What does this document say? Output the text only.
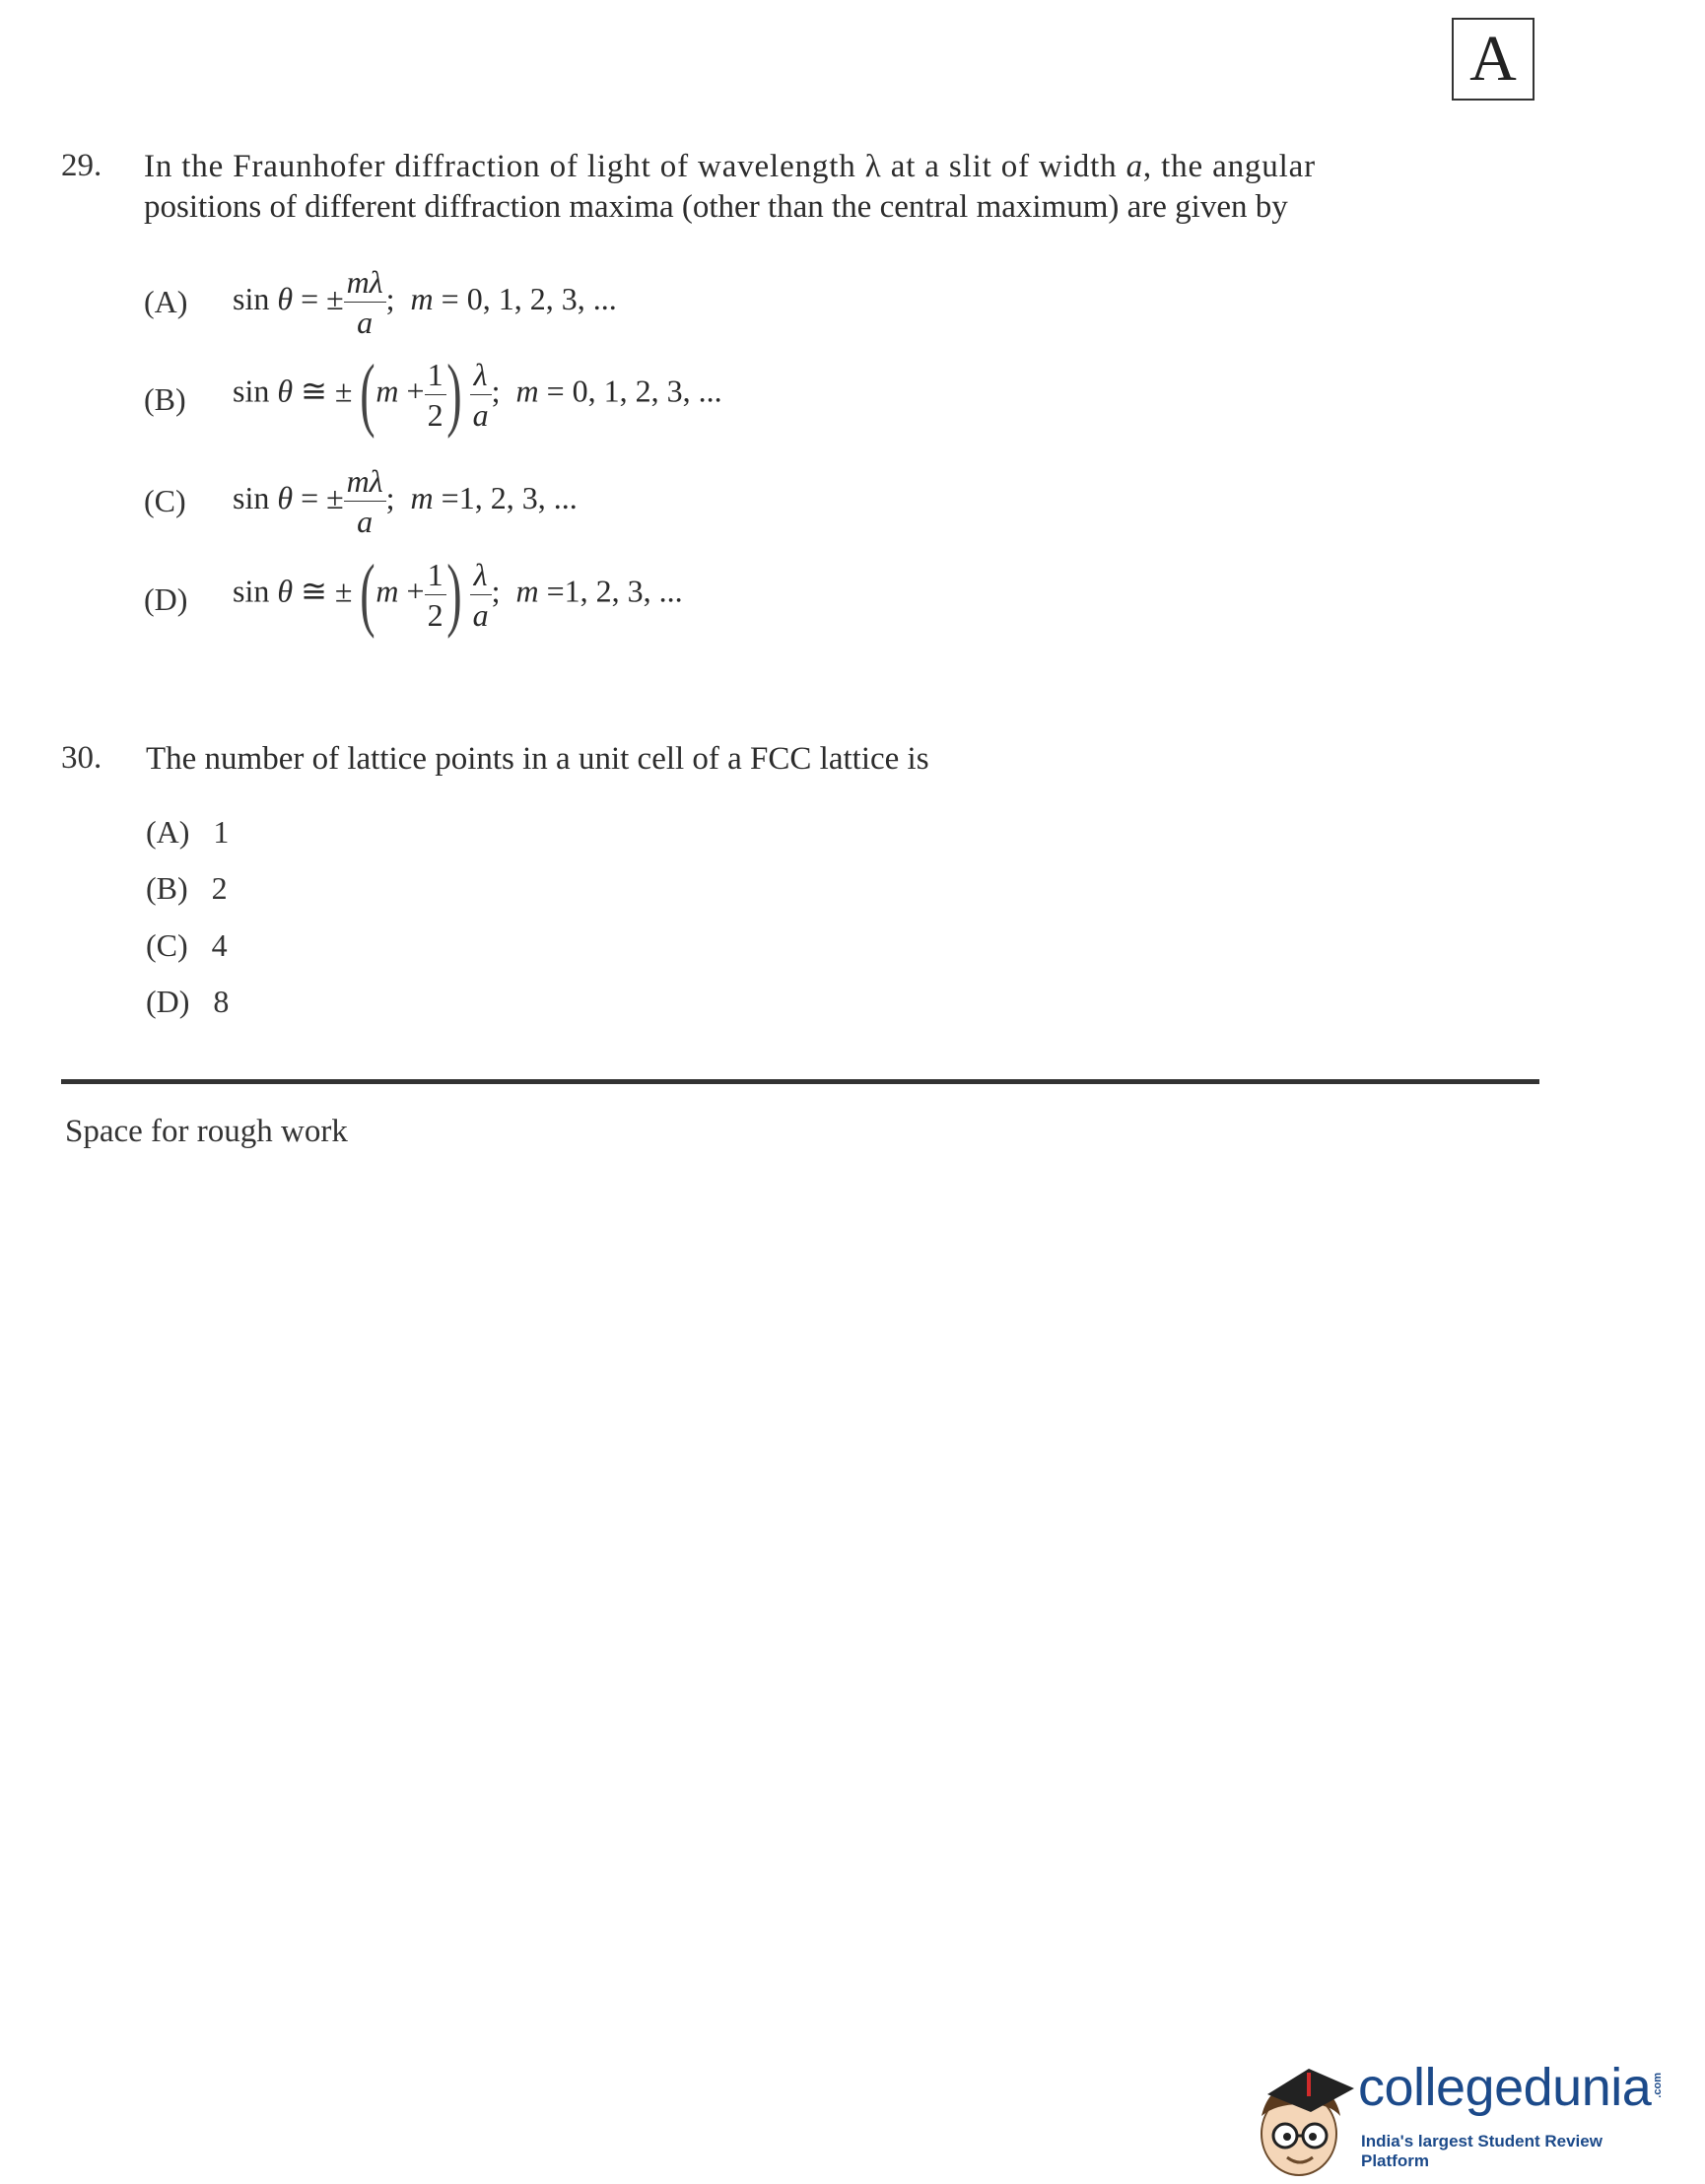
A
29. In the Fraunhofer diffraction of light of wavelength λ at a slit of width a, the angular
positions of different diffraction maxima (other than the central maximum) are given by
(A) sin θ = ± $\frac{m\lambda}{a}$ ;  m = 0, 1, 2, 3, ...
(B) sin θ ≅ ± ($m + \frac{1}{2}$ ) $\frac{\lambda}{a}$ ;  m = 0, 1, 2, 3, ...
(C) sin θ = ± $\frac{m\lambda}{a}$ ;  m =1, 2, 3, ...
(D) sin θ ≅ ± ($m + \frac{1}{2}$ ) $\frac{\lambda}{a}$ ;  m =1, 2, 3, ...
30. The number of lattice points in a unit cell of a FCC lattice is
(A) 1
(B) 2
(C) 4
(D) 8
Space for rough work
collegedunia .com
India's largest Student Review Platform
